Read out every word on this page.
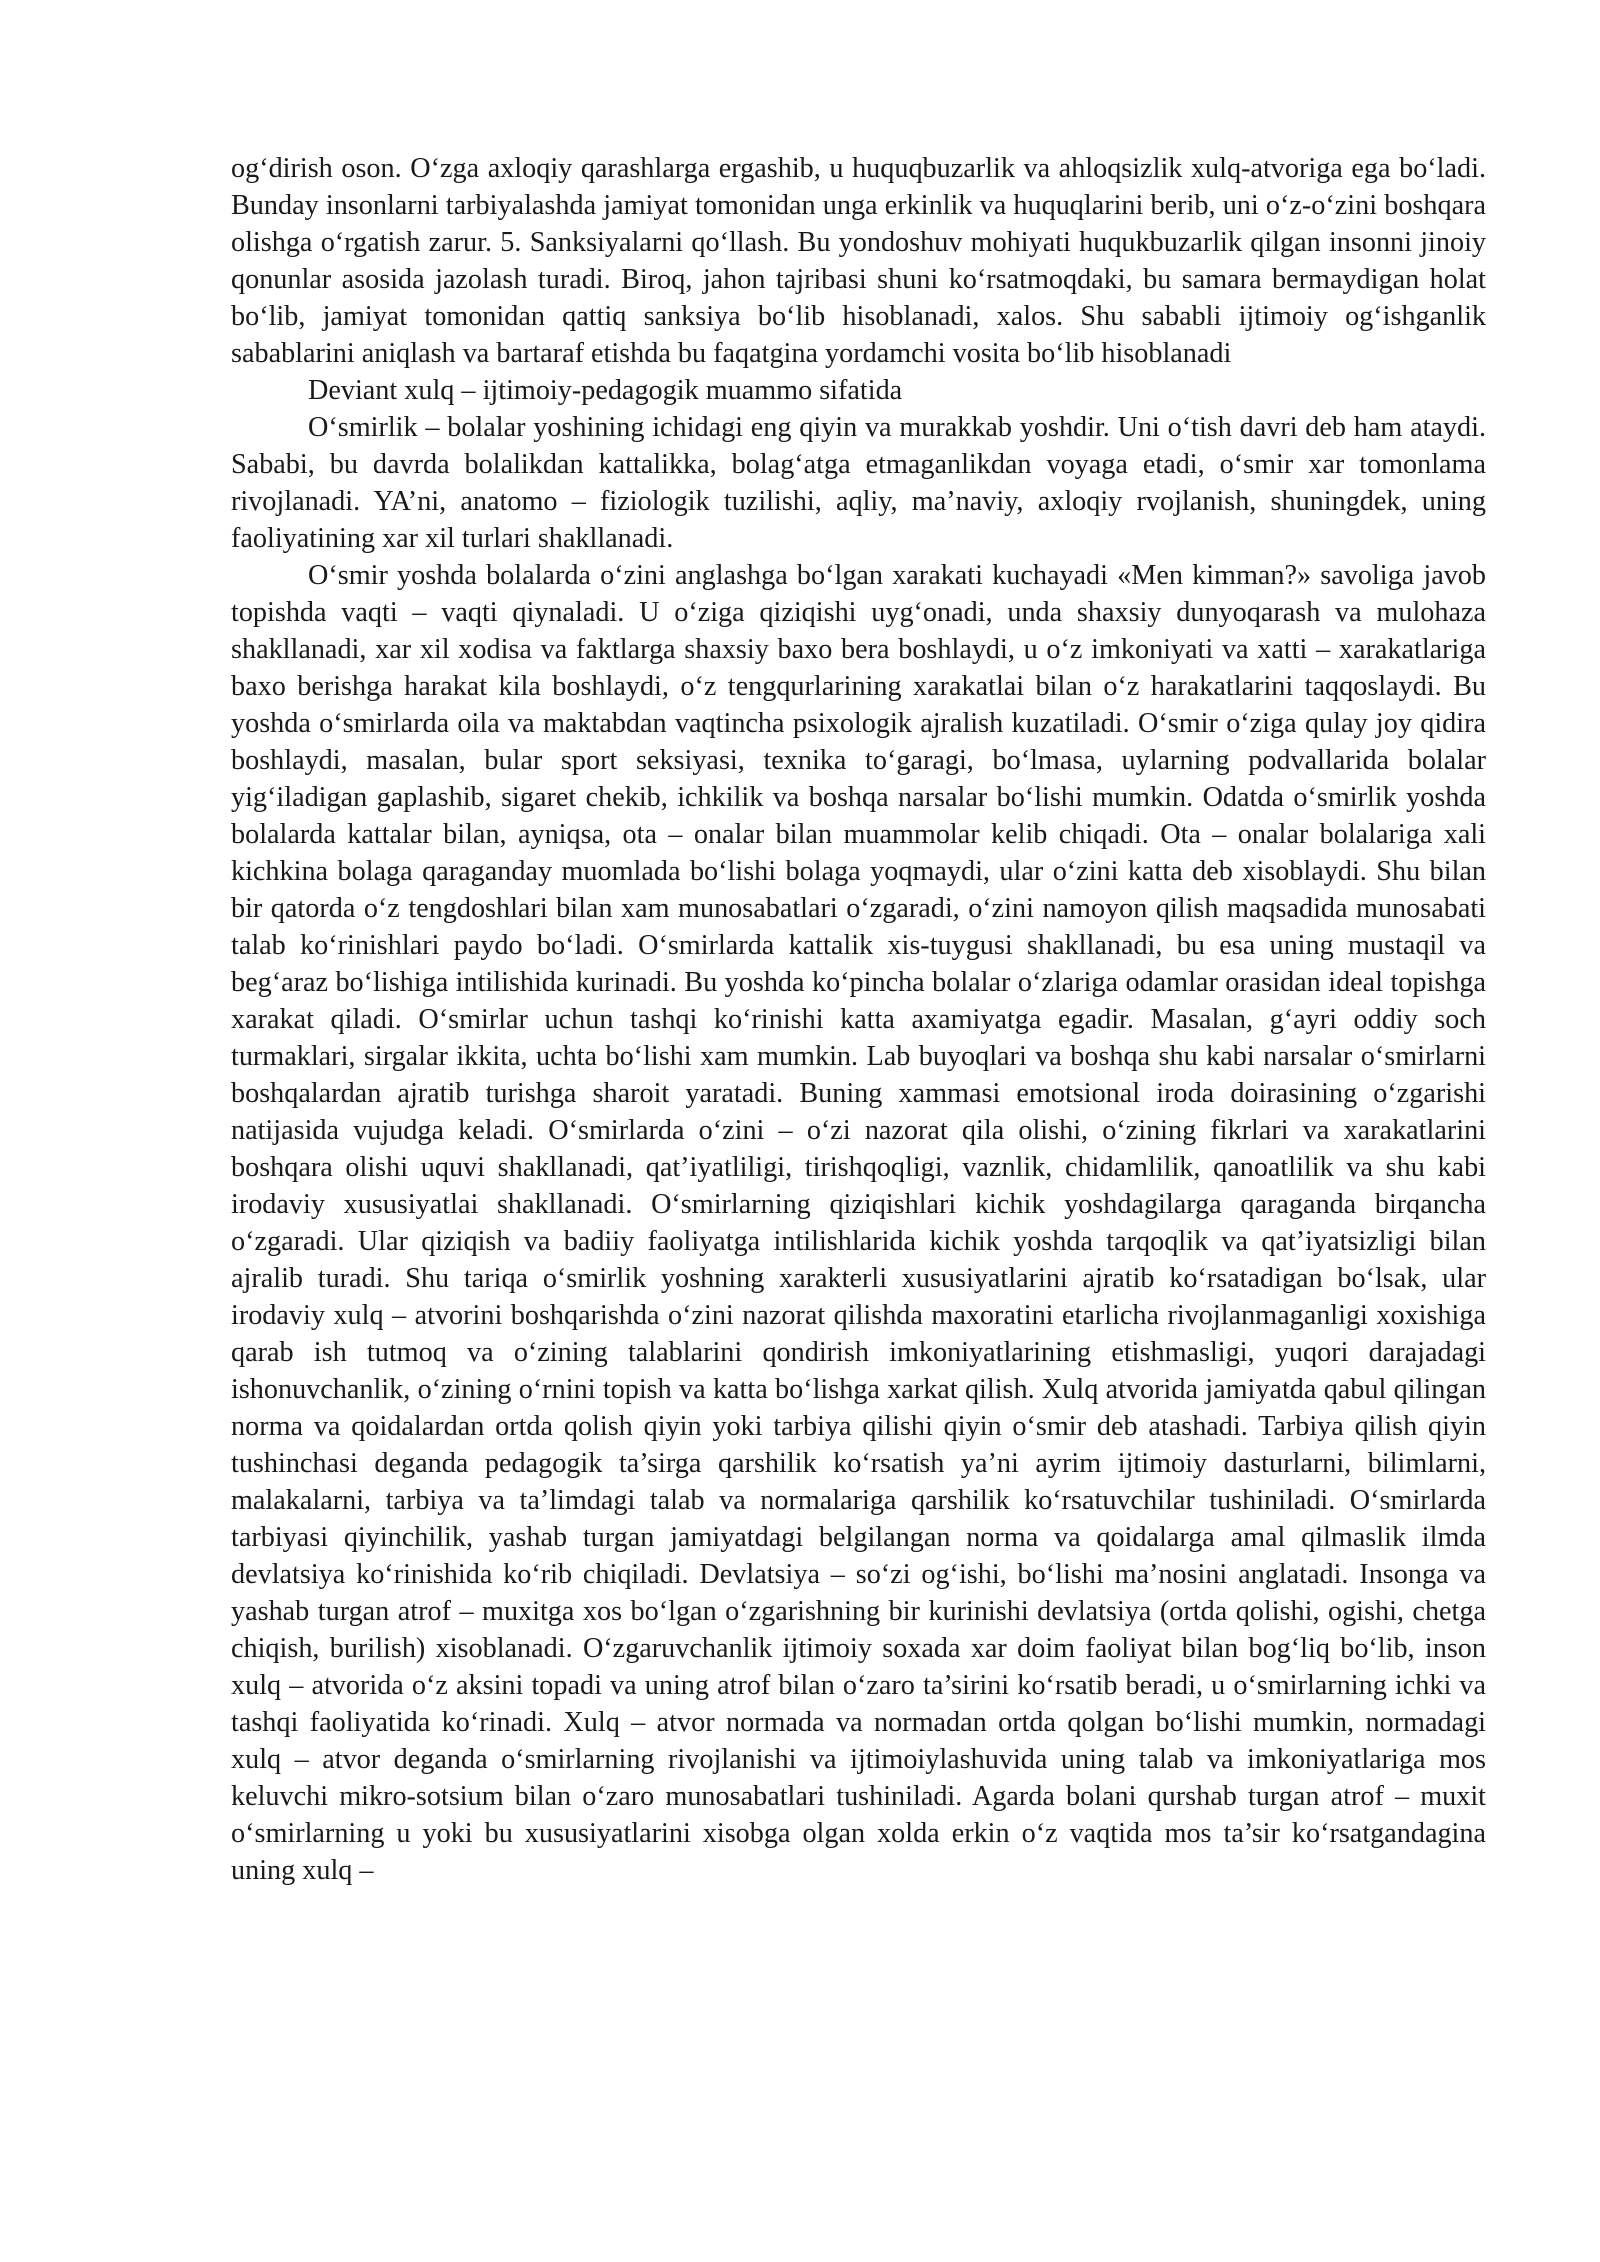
og‘dirish oson. O‘zga axloqiy qarashlarga ergashib, u huquqbuzarlik va ahloqsizlik xulq-atvoriga ega bo‘ladi. Bunday insonlarni tarbiyalashda jamiyat tomonidan unga erkinlik va huquqlarini berib, uni o‘z-o‘zini boshqara olishga o‘rgatish zarur. 5. Sanksiyalarni qo‘llash. Bu yondoshuv mohiyati huqukbuzarlik qilgan insonni jinoiy qonunlar asosida jazolash turadi. Biroq, jahon tajribasi shuni ko‘rsatmoqdaki, bu samara bermaydigan holat bo‘lib, jamiyat tomonidan qattiq sanksiya bo‘lib hisoblanadi, xalos. Shu sababli ijtimoiy og‘ishganlik sabablarini aniqlash va bartaraf etishda bu faqatgina yordamchi vosita bo‘lib hisoblanadi

Deviant xulq – ijtimoiy-pedagogik muammo sifatida

O‘smirlik – bolalar yoshining ichidagi eng qiyin va murakkab yoshdir. Uni o‘tish davri deb ham ataydi. Sababi, bu davrda bolalikdan kattalikka, bolag‘atga etmaganlikdan voyaga etadi, o‘smir xar tomonlama rivojlanadi. YA’ni, anatomo – fiziologik tuzilishi, aqliy, ma’naviy, axloqiy rvojlanish, shuningdek, uning faoliyatining xar xil turlari shakllanadi.

O‘smir yoshda bolalarda o‘zini anglashga bo‘lgan xarakati kuchayadi «Men kimman?» savoliga javob topishda vaqti – vaqti qiynaladi. U o‘ziga qiziqishi uyg‘onadi, unda shaxsiy dunyoqarash va mulohaza shakllanadi, xar xil xodisa va faktlarga shaxsiy baxo bera boshlaydi, u o‘z imkoniyati va xatti – xarakatlariga baxo berishga harakat kila boshlaydi, o‘z tengqurlarining xarakatlai bilan o‘z harakatlarini taqqoslaydi. Bu yoshda o‘smirlarda oila va maktabdan vaqtincha psixologik ajralish kuzatiladi. O‘smir o‘ziga qulay joy qidira boshlaydi, masalan, bular sport seksiyasi, texnika to‘garagi, bo‘lmasa, uylarning podvallarida bolalar yig‘iladigan gaplashib, sigaret chekib, ichkilik va boshqa narsalar bo‘lishi mumkin. Odatda o‘smirlik yoshda bolalarda kattalar bilan, ayniqsa, ota – onalar bilan muammolar kelib chiqadi. Ota – onalar bolalariga xali kichkina bolaga qaraganday muomlada bo‘lishi bolaga yoqmaydi, ular o‘zini katta deb xisoblaydi. Shu bilan bir qatorda o‘z tengdoshlari bilan xam munosabatlari o‘zgaradi, o‘zini namoyon qilish maqsadida munosabati talab ko‘rinishlari paydo bo‘ladi. O‘smirlarda kattalik xis-tuygusi shakllanadi, bu esa uning mustaqil va beg‘araz bo‘lishiga intilishida kurinadi. Bu yoshda ko‘pincha bolalar o‘zlariga odamlar orasidan ideal topishga xarakat qiladi. O‘smirlar uchun tashqi ko‘rinishi katta axamiyatga egadir. Masalan, g‘ayri oddiy soch turmaklari, sirgalar ikkita, uchta bo‘lishi xam mumkin. Lab buyoqlari va boshqa shu kabi narsalar o‘smirlarni boshqalardan ajratib turishga sharoit yaratadi. Buning xammasi emotsional iroda doirasining o‘zgarishi natijasida vujudga keladi. O‘smirlarda o‘zini – o‘zi nazorat qila olishi, o‘zining fikrlari va xarakatlarini boshqara olishi uquvi shakllanadi, qat’iyatliligi, tirishqoqligi, vaznlik, chidamlilik, qanoatlilik va shu kabi irodaviy xususiyatlai shakllanadi. O‘smirlarning qiziqishlari kichik yoshdagilarga qaraganda birqancha o‘zgaradi. Ular qiziqish va badiiy faoliyatga intilishlarida kichik yoshda tarqoqlik va qat’iyatsizligi bilan ajralib turadi. Shu tariqa o‘smirlik yoshning xarakterli xususiyatlarini ajratib ko‘rsatadigan bo‘lsak, ular irodaviy xulq – atvorini boshqarishda o‘zini nazorat qilishda maxoratini etarlicha rivojlanmaganligi xoxishiga qarab ish tutmoq va o‘zining talablarini qondirish imkoniyatlarining etishmasligi, yuqori darajadagi ishonuvchanlik, o‘zining o‘rnini topish va katta bo‘lishga xarkat qilish. Xulq atvorida jamiyatda qabul qilingan norma va qoidalardan ortda qolish qiyin yoki tarbiya qilishi qiyin o‘smir deb atashadi. Tarbiya qilish qiyin tushinchasi deganda pedagogik ta’sirga qarshilik ko‘rsatish ya’ni ayrim ijtimoiy dasturlarni, bilimlarni, malakalarni, tarbiya va ta’limdagi talab va normalariga qarshilik ko‘rsatuvchilar tushiniladi. O‘smirlarda tarbiyasi qiyinchilik, yashab turgan jamiyatdagi belgilangan norma va qoidalarga amal qilmaslik ilmda devlatsiya ko‘rinishida ko‘rib chiqiladi. Devlatsiya – so‘zi og‘ishi, bo‘lishi ma’nosini anglatadi. Insonga va yashab turgan atrof – muxitga xos bo‘lgan o‘zgarishning bir kurinishi devlatsiya (ortda qolishi, ogishi, chetga chiqish, burilish) xisoblanadi. O‘zgaruvchanlik ijtimoiy soxada xar doim faoliyat bilan bog‘liq bo‘lib, inson xulq – atvorida o‘z aksini topadi va uning atrof bilan o‘zaro ta’sirini ko‘rsatib beradi, u o‘smirlarning ichki va tashqi faoliyatida ko‘rinadi. Xulq – atvor normada va normadan ortda qolgan bo‘lishi mumkin, normadagi xulq – atvor deganda o‘smirlarning rivojlanishi va ijtimoiylashuvida uning talab va imkoniyatlariga mos keluvchi mikro-sotsium bilan o‘zaro munosabatlari tushiniladi. Agarda bolani qurshab turgan atrof – muxit o‘smirlarning u yoki bu xususiyatlarini xisobga olgan xolda erkin o‘z vaqtida mos ta’sir ko‘rsatgandagina uning xulq –
